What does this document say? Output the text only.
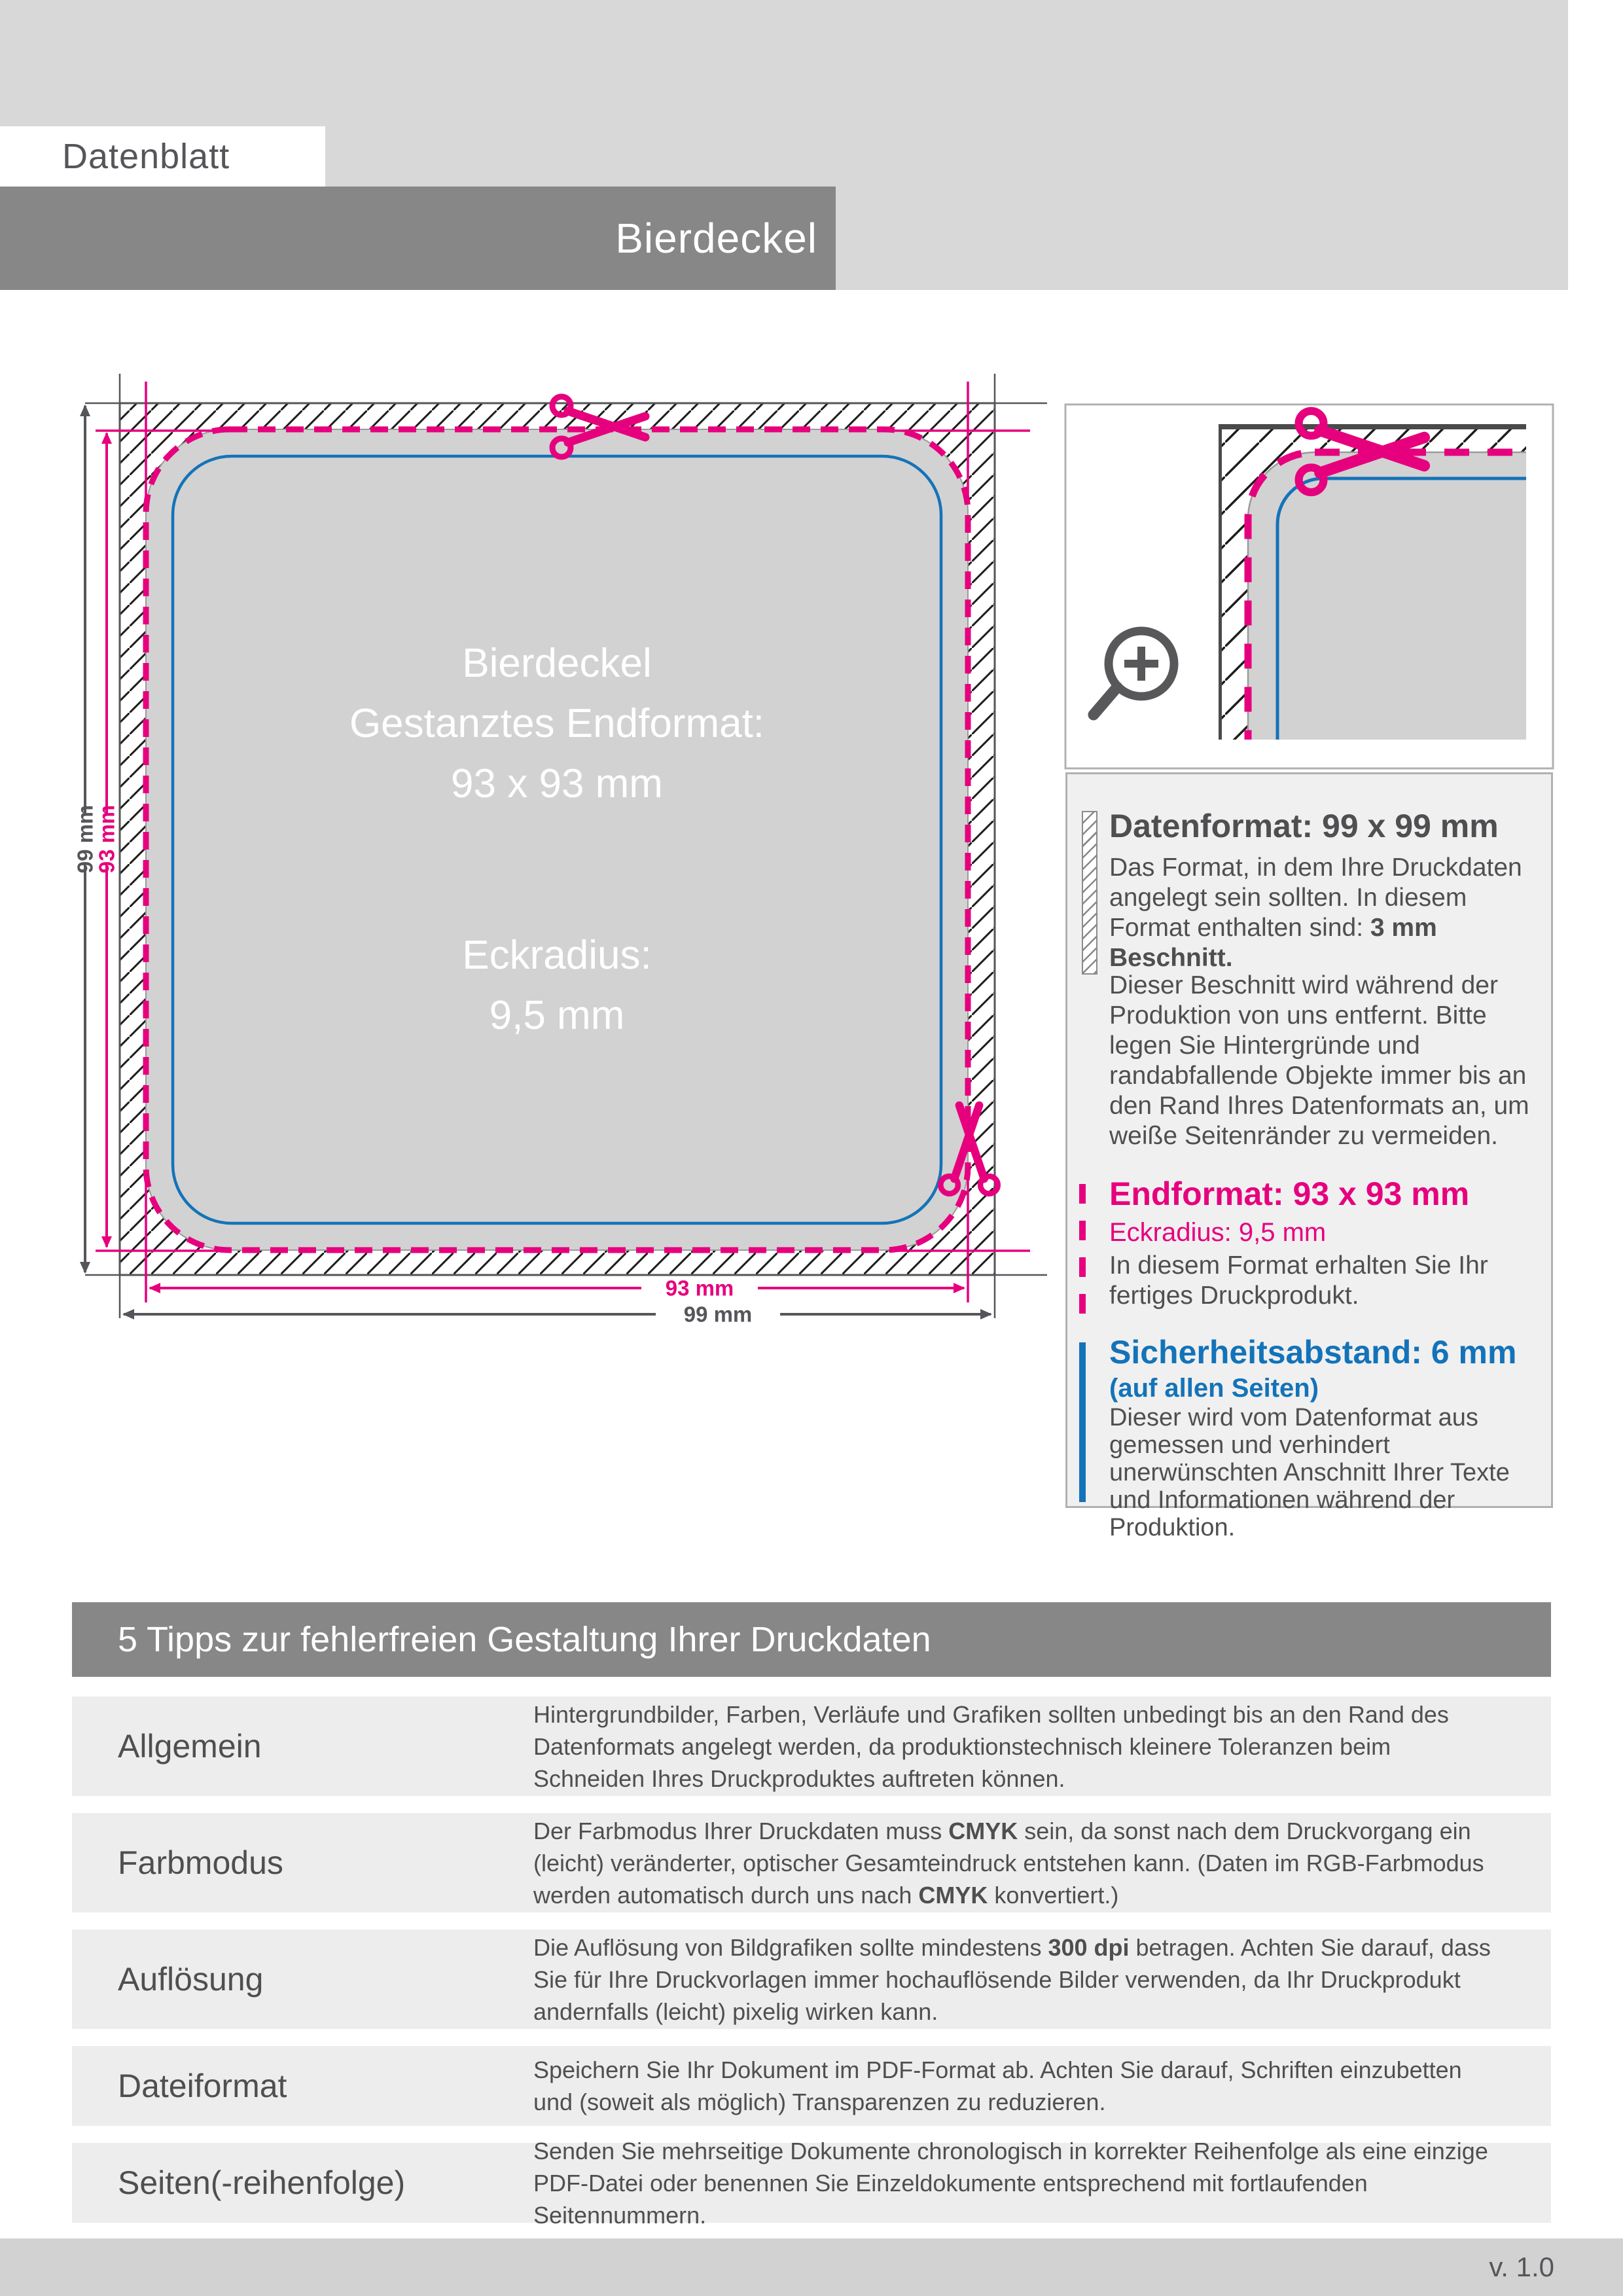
Datenblatt
Bierdeckel
99 mm
93 mm
93 mm
99 mm
Bierdeckel
Gestanztes Endformat:
93 x 93 mm
Eckradius:
9,5 mm
Datenformat: 99 x 99 mm
Das Format, in dem Ihre Druckdaten angelegt sein sollten. In diesem Format enthalten sind: 3 mm Beschnitt.
Dieser Beschnitt wird während der Produktion von uns entfernt. Bitte legen Sie Hintergründe und randabfallende Objekte immer bis an den Rand Ihres Datenformats an, um weiße Seitenränder zu vermeiden.
Endformat: 93 x 93 mm
Eckradius: 9,5 mm
In diesem Format erhalten Sie Ihr fertiges Druckprodukt.
Sicherheitsabstand: 6 mm
(auf allen Seiten)
Dieser wird vom Datenformat aus gemessen und verhindert unerwünschten Anschnitt Ihrer Texte und Informationen während der Produktion.
5 Tipps zur fehlerfreien Gestaltung Ihrer Druckdaten
Allgemein
Hintergrundbilder, Farben, Verläufe und Grafiken sollten unbedingt bis an den Rand des Datenformats angelegt werden, da produktionstechnisch kleinere Toleranzen beim Schneiden Ihres Druckproduktes auftreten können.
Farbmodus
Der Farbmodus Ihrer Druckdaten muss CMYK sein, da sonst nach dem Druckvorgang ein (leicht) veränderter, optischer Gesamteindruck entstehen kann. (Daten im RGB-Farbmodus werden automatisch durch uns nach CMYK konvertiert.)
Auflösung
Die Auflösung von Bildgrafiken sollte mindestens 300 dpi betragen. Achten Sie darauf, dass Sie für Ihre Druckvorlagen immer hochauflösende Bilder verwenden, da Ihr Druckprodukt andernfalls (leicht) pixelig wirken kann.
Dateiformat	Speichern Sie Ihr Dokument im PDF-Format ab. Achten Sie darauf, Schriften einzubetten und (soweit als möglich) Transparenzen zu reduzieren.
Seiten(-reihenfolge)
Senden Sie mehrseitige Dokumente chronologisch in korrekter Reihenfolge als eine einzige PDF-Datei oder benennen Sie Einzeldokumente entsprechend mit fortlaufenden Seitennummern.
v. 1.0
